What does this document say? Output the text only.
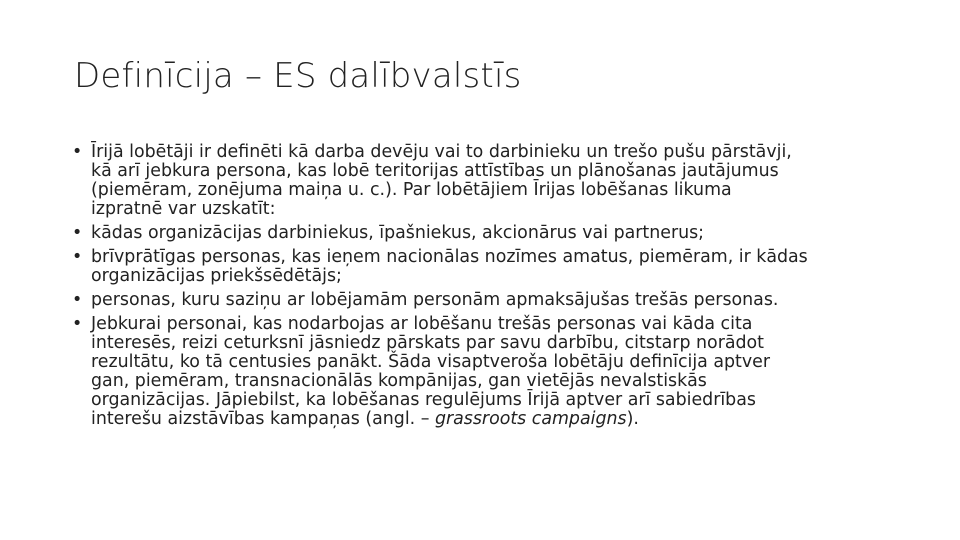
Definīcija – ES dalībvalstīs
• Īrijā lobētāji ir definēti kā darba devēju vai to darbinieku un trešo pušu pārstāvji,
kā arī jebkura persona, kas lobē teritorijas attīstības un plānošanas jautājumus
(piemēram, zonējuma maiņa u. c.). Par lobētājiem Īrijas lobēšanas likuma
izpratnē var uzskatīt:
• kādas organizācijas darbiniekus, īpašniekus, akcionārus vai partnerus;
• brīvprātīgas personas, kas ieņem nacionālas nozīmes amatus, piemēram, ir kādas
organizācijas priekšsēdētājs;
• personas, kuru saziņu ar lobējamām personām apmaksājušas trešās personas.
• Jebkurai personai, kas nodarbojas ar lobēšanu trešās personas vai kāda cita
interesēs, reizi ceturksnī jāsniedz pārskats par savu darbību, citstarp norādot
rezultātu, ko tā centusies panākt. Šāda visaptveroša lobētāju definīcija aptver
gan, piemēram, transnacionālās kompānijas, gan vietējās nevalstiskās
organizācijas. Jāpiebilst, ka lobēšanas regulējums Īrijā aptver arī sabiedrības
interešu aizstāvības kampaņas (angl. – grassroots campaigns).
